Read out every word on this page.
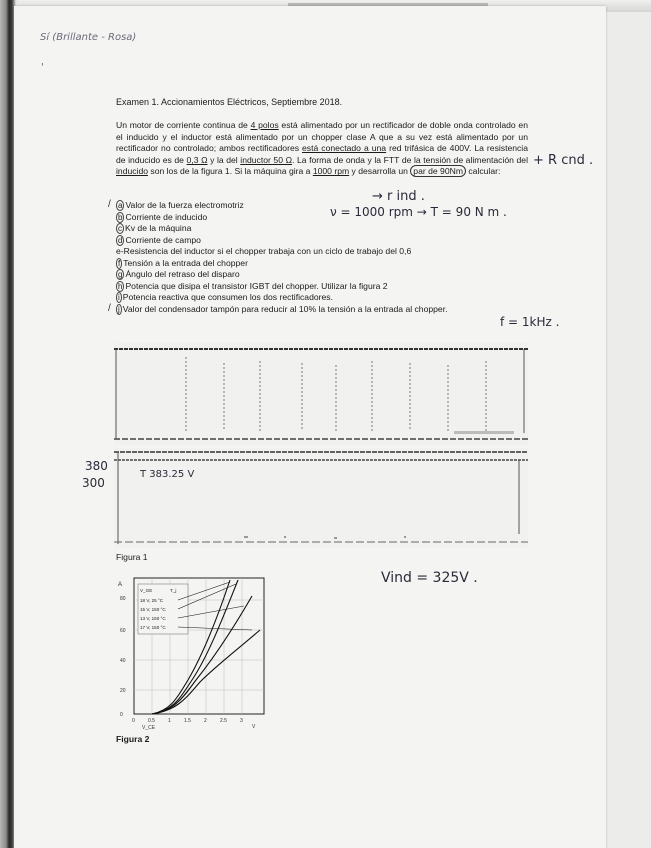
Sí (Brillante - Rosa)
'
Examen 1. Accionamientos Eléctricos, Septiembre 2018.
Un motor de corriente continua de 4 polos está alimentado por un rectificador de doble onda controlado en el inducido y el inductor está alimentado por un chopper clase A que a su vez está alimentado por un rectificador no controlado; ambos rectificadores está conectado a una red trifásica de 400V. La resistencia de inducido es de 0,3 Ω y la del inductor 50 Ω. La forma de onda y la FTT de la tensión de alimentación del inducido son los de la figura 1. Si la máquina gira a 1000 rpm y desarrolla un par de 90Nm calcular:
/ a Valor de la fuerza electromotriz
b Corriente de inducido
c Kv de la máquina
d Corriente de campo
e-Resistencia del inductor si el chopper trabaja con un ciclo de trabajo del 0,6
f Tensión a la entrada del chopper
g Ángulo del retraso del disparo
h Potencia que disipa el transistor IGBT del chopper. Utilizar la figura 2
i Potencia reactiva que consumen los dos rectificadores.
/ j Valor del condensador tampón para reducir al 10% la tensión a la entrada al chopper.
+ R cnd .
→ r ind .
ν = 1000 rpm → T = 90 N m .
f = 1kHz .
380
300
T 383.25 V
Figura 1
Vind = 325V .
A
80
60
40
20
0
V_GE	T_j
18 V, 25 °C
15 V, 150 °C
13 V, 150 °C
17 V, 150 °C
0	0.5	1	1.5	2	2.5	3
V_CE	V
Figura 2
